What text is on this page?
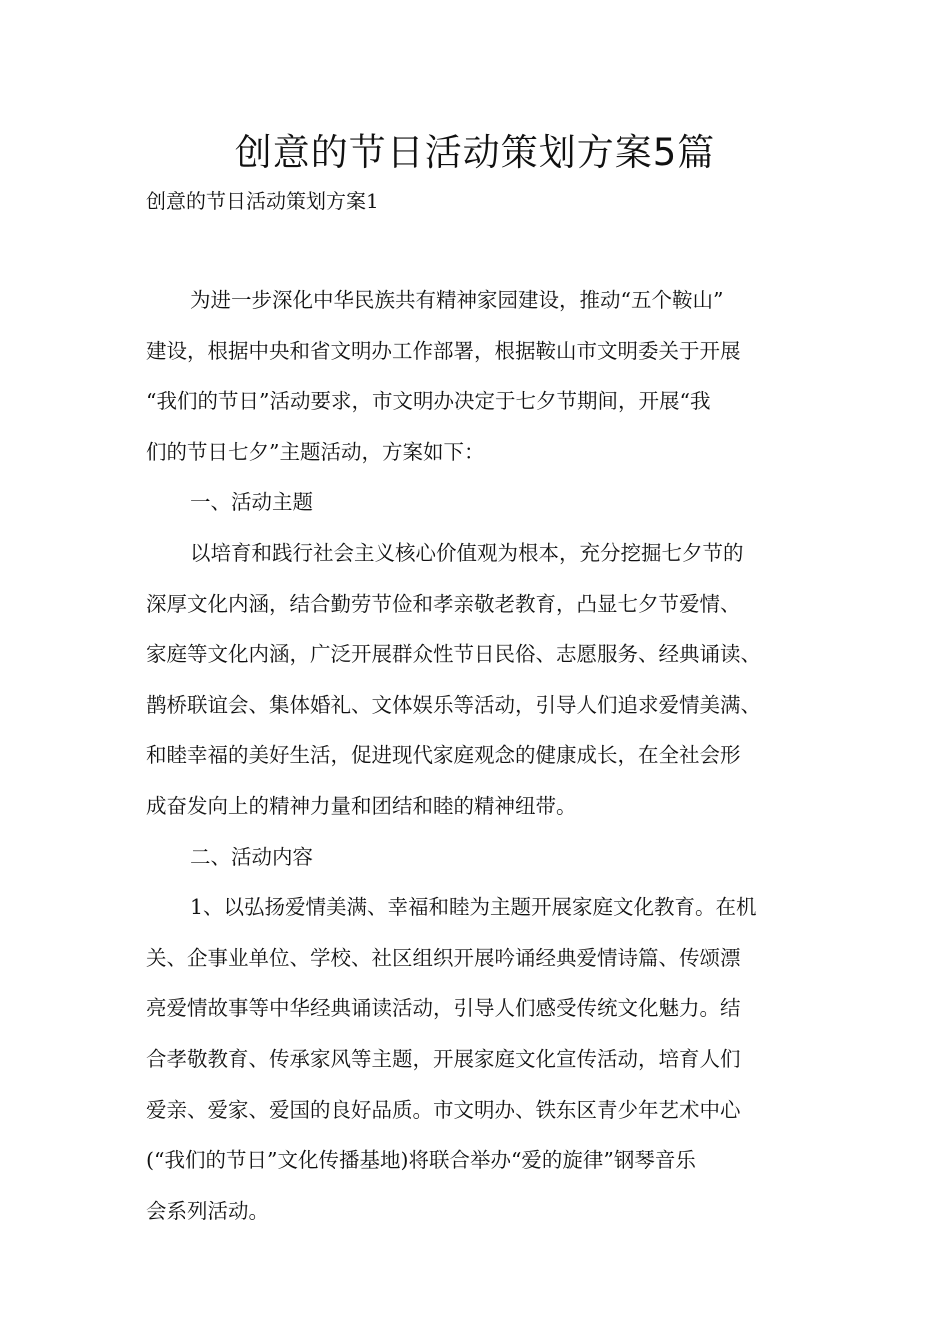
创意的节日活动策划方案5篇
创意的节日活动策划方案1
为进一步深化中华民族共有精神家园建设，推动“五个鞍山”
建设，根据中央和省文明办工作部署，根据鞍山市文明委关于开展
“我们的节日”活动要求，市文明办决定于七夕节期间，开展“我
们的节日七夕”主题活动，方案如下：
一、活动主题
以培育和践行社会主义核心价值观为根本，充分挖掘七夕节的
深厚文化内涵，结合勤劳节俭和孝亲敬老教育，凸显七夕节爱情、
家庭等文化内涵，广泛开展群众性节日民俗、志愿服务、经典诵读、
鹊桥联谊会、集体婚礼、文体娱乐等活动，引导人们追求爱情美满、
和睦幸福的美好生活，促进现代家庭观念的健康成长，在全社会形
成奋发向上的精神力量和团结和睦的精神纽带。
二、活动内容
1、以弘扬爱情美满、幸福和睦为主题开展家庭文化教育。在机
关、企事业单位、学校、社区组织开展吟诵经典爱情诗篇、传颂漂
亮爱情故事等中华经典诵读活动，引导人们感受传统文化魅力。结
合孝敬教育、传承家风等主题，开展家庭文化宣传活动，培育人们
爱亲、爱家、爱国的良好品质。市文明办、铁东区青少年艺术中心
(“我们的节日”文化传播基地)将联合举办“爱的旋律”钢琴音乐
会系列活动。
